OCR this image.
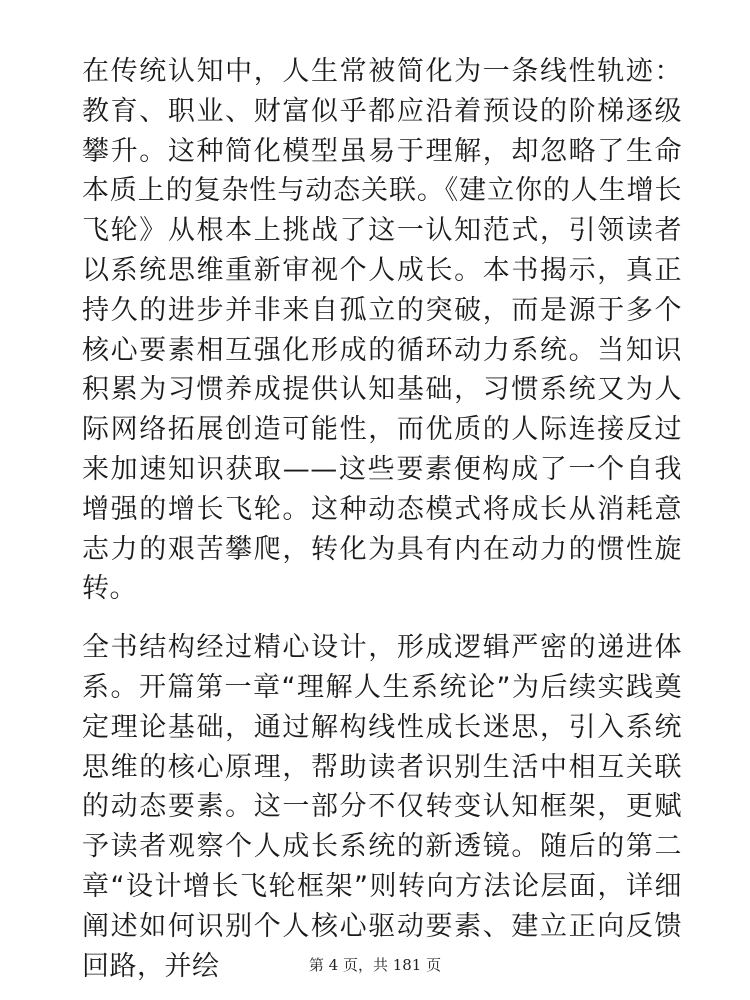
在传统认知中，人生常被简化为一条线性轨迹：教育、职业、财富似乎都应沿着预设的阶梯逐级攀升。这种简化模型虽易于理解，却忽略了生命本质上的复杂性与动态关联。《建立你的人生增长飞轮》从根本上挑战了这一认知范式，引领读者以系统思维重新审视个人成长。本书揭示，真正持久的进步并非来自孤立的突破，而是源于多个核心要素相互强化形成的循环动力系统。当知识积累为习惯养成提供认知基础，习惯系统又为人际网络拓展创造可能性，而优质的人际连接反过来加速知识获取——这些要素便构成了一个自我增强的增长飞轮。这种动态模式将成长从消耗意志力的艰苦攀爬，转化为具有内在动力的惯性旋转。

全书结构经过精心设计，形成逻辑严密的递进体系。开篇第一章“理解人生系统论”为后续实践奠定理论基础，通过解构线性成长迷思，引入系统思维的核心原理，帮助读者识别生活中相互关联的动态要素。这一部分不仅转变认知框架，更赋予读者观察个人成长系统的新透镜。随后的第二章“设计增长飞轮框架”则转向方法论层面，详细阐述如何识别个人核心驱动要素、建立正向反馈回路，并绘	第 4 页，共 181 页
